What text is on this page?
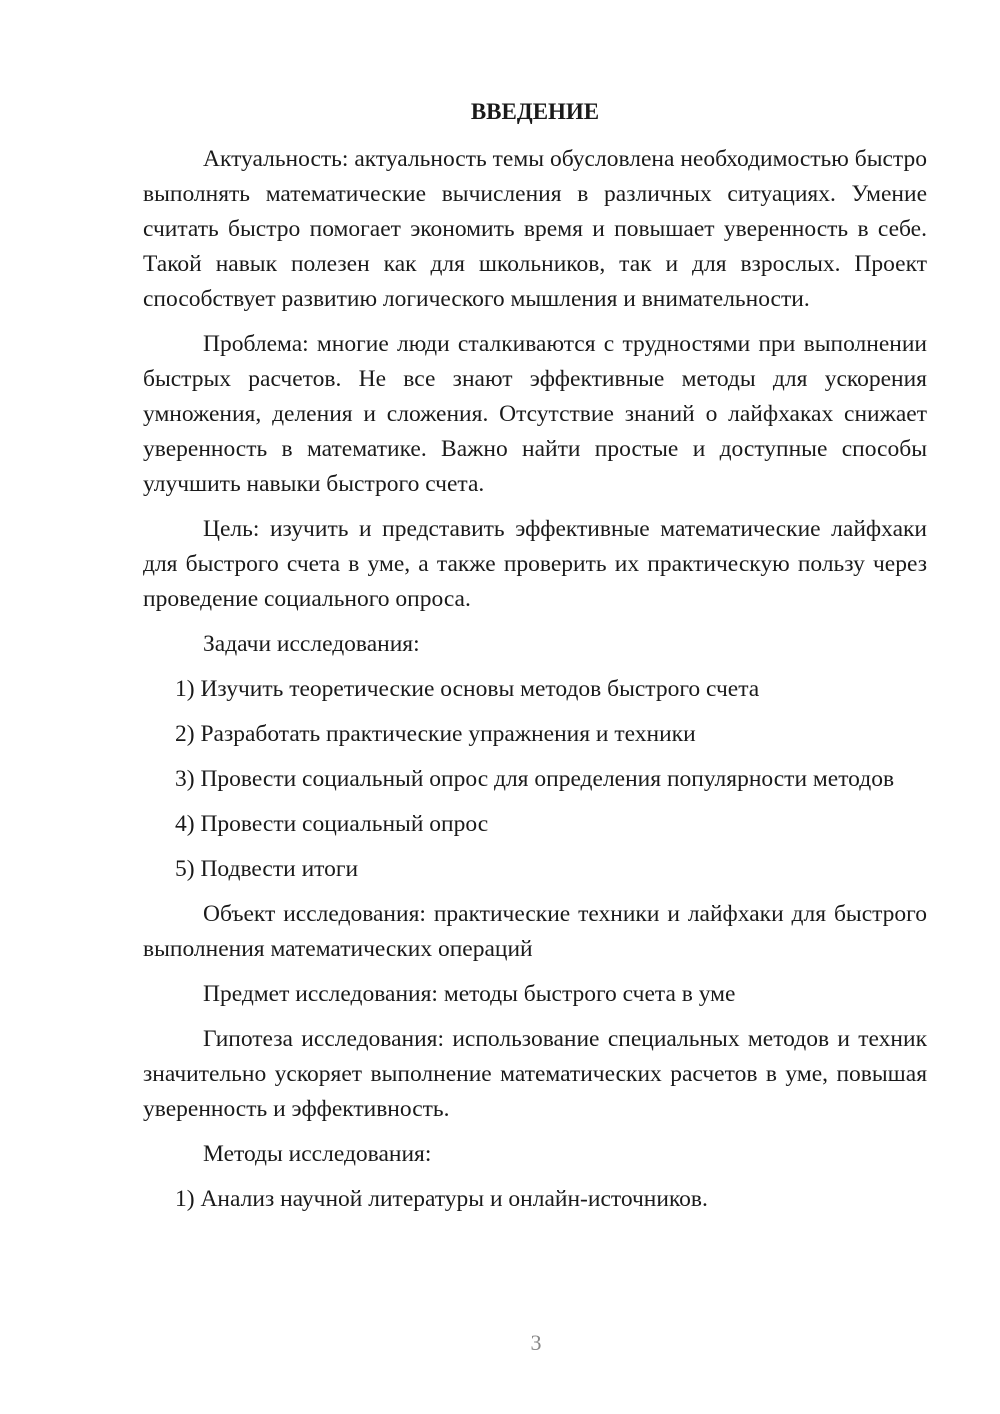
ВВЕДЕНИЕ

Актуальность: актуальность темы обусловлена необходимостью быстро выполнять математические вычисления в различных ситуациях. Умение считать быстро помогает экономить время и повышает уверенность в себе. Такой навык полезен как для школьников, так и для взрослых. Проект способствует развитию логического мышления и внимательности.

Проблема: многие люди сталкиваются с трудностями при выполнении быстрых расчетов. Не все знают эффективные методы для ускорения умножения, деления и сложения. Отсутствие знаний о лайфхаках снижает уверенность в математике. Важно найти простые и доступные способы улучшить навыки быстрого счета.

Цель: изучить и представить эффективные математические лайфхаки для быстрого счета в уме, а также проверить их практическую пользу через проведение социального опроса.

Задачи исследования:

1) Изучить теоретические основы методов быстрого счета

2) Разработать практические упражнения и техники

3) Провести социальный опрос для определения популярности методов

4) Провести социальный опрос

5) Подвести итоги

Объект исследования: практические техники и лайфхаки для быстрого выполнения математических операций

Предмет исследования: методы быстрого счета в уме

Гипотеза исследования: использование специальных методов и техник значительно ускоряет выполнение математических расчетов в уме, повышая уверенность и эффективность.

Методы исследования:

1) Анализ научной литературы и онлайн-источников.

3
